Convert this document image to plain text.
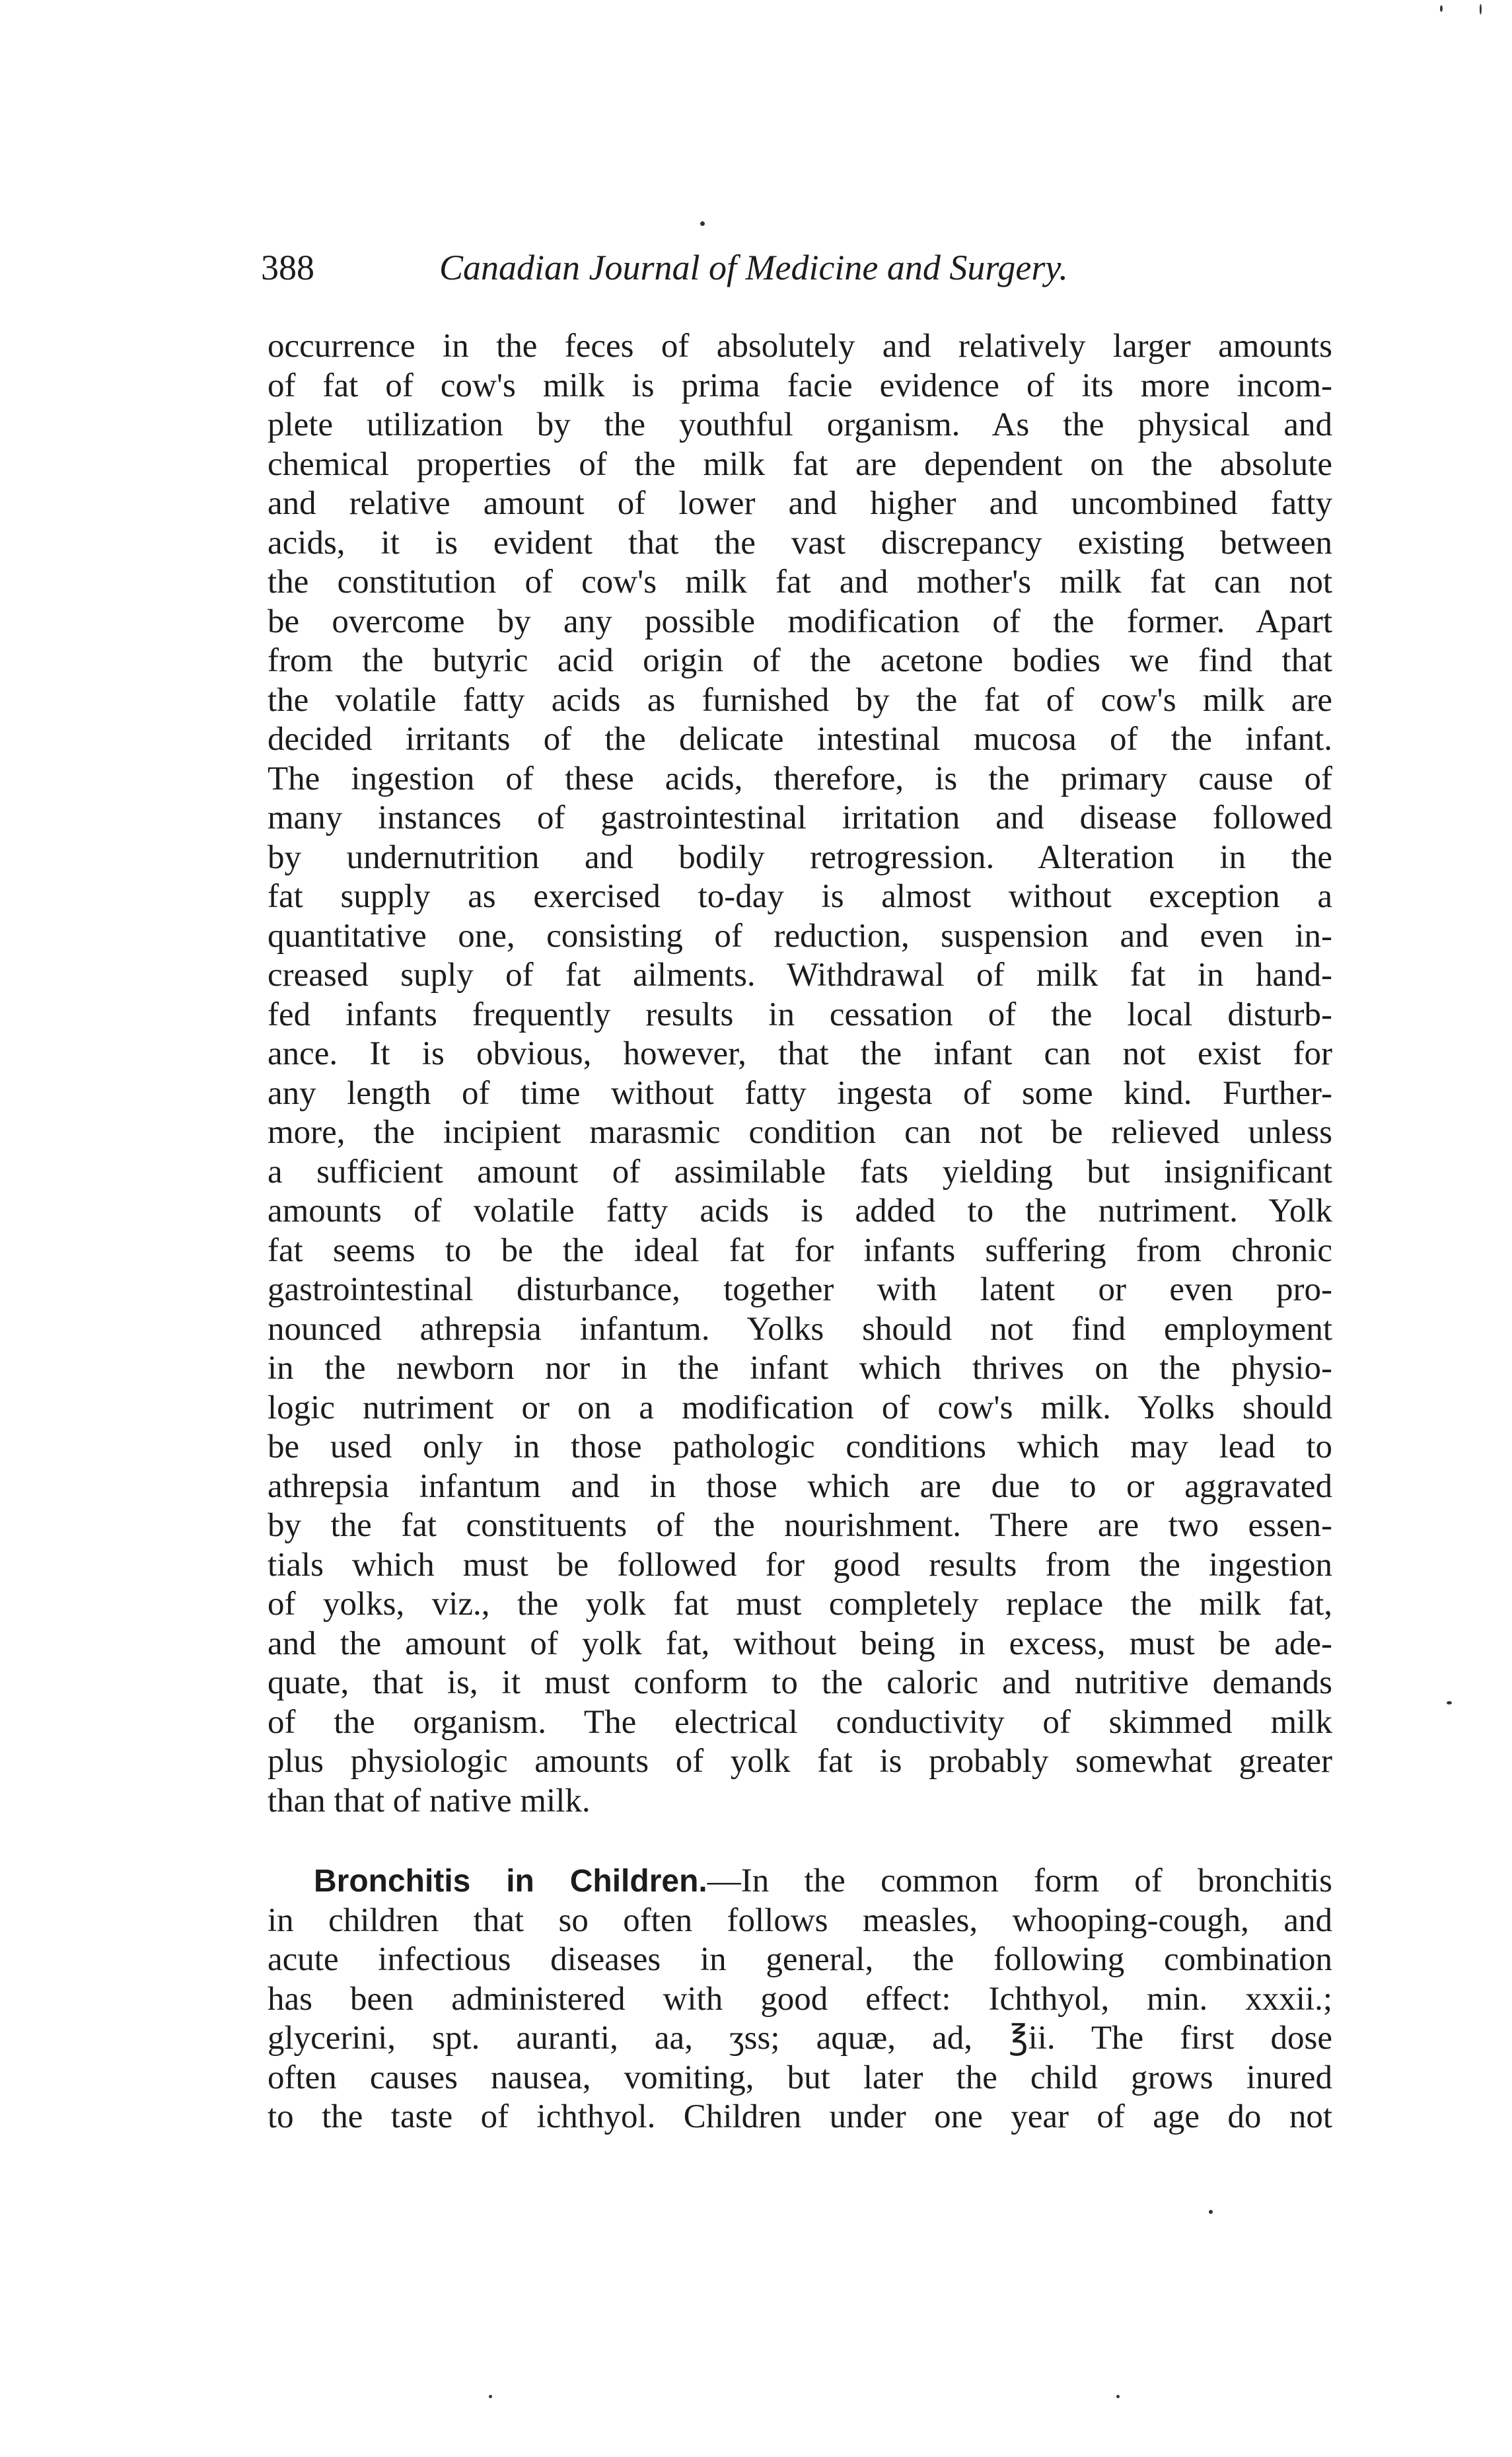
388	Canadian Journal of Medicine and Surgery.
occurrence in the feces of absolutely and relatively larger amounts
of fat of cow's milk is prima facie evidence of its more incom-
plete utilization by the youthful organism. As the physical and
chemical properties of the milk fat are dependent on the absolute
and relative amount of lower and higher and uncombined fatty
acids, it is evident that the vast discrepancy existing between
the constitution of cow's milk fat and mother's milk fat can not
be overcome by any possible modification of the former. Apart
from the butyric acid origin of the acetone bodies we find that
the volatile fatty acids as furnished by the fat of cow's milk are
decided irritants of the delicate intestinal mucosa of the infant.
The ingestion of these acids, therefore, is the primary cause of
many instances of gastrointestinal irritation and disease followed
by undernutrition and bodily retrogression. Alteration in the
fat supply as exercised to-day is almost without exception a
quantitative one, consisting of reduction, suspension and even in-
creased suply of fat ailments. Withdrawal of milk fat in hand-
fed infants frequently results in cessation of the local disturb-
ance. It is obvious, however, that the infant can not exist for
any length of time without fatty ingesta of some kind. Further-
more, the incipient marasmic condition can not be relieved unless
a sufficient amount of assimilable fats yielding but insignificant
amounts of volatile fatty acids is added to the nutriment. Yolk
fat seems to be the ideal fat for infants suffering from chronic
gastrointestinal disturbance, together with latent or even pro-
nounced athrepsia infantum. Yolks should not find employment
in the newborn nor in the infant which thrives on the physio-
logic nutriment or on a modification of cow's milk. Yolks should
be used only in those pathologic conditions which may lead to
athrepsia infantum and in those which are due to or aggravated
by the fat constituents of the nourishment. There are two essen-
tials which must be followed for good results from the ingestion
of yolks, viz., the yolk fat must completely replace the milk fat,
and the amount of yolk fat, without being in excess, must be ade-
quate, that is, it must conform to the caloric and nutritive demands
of the organism. The electrical conductivity of skimmed milk
plus physiologic amounts of yolk fat is probably somewhat greater
than that of native milk.
Bronchitis in Children.—In the common form of bronchitis
in children that so often follows measles, whooping-cough, and
acute infectious diseases in general, the following combination
has been administered with good effect: Ichthyol, min. xxxii.;
glycerini, spt. auranti, aa, ʒss; aquæ, ad, ℥ii. The first dose
often causes nausea, vomiting, but later the child grows inured
to the taste of ichthyol. Children under one year of age do not
